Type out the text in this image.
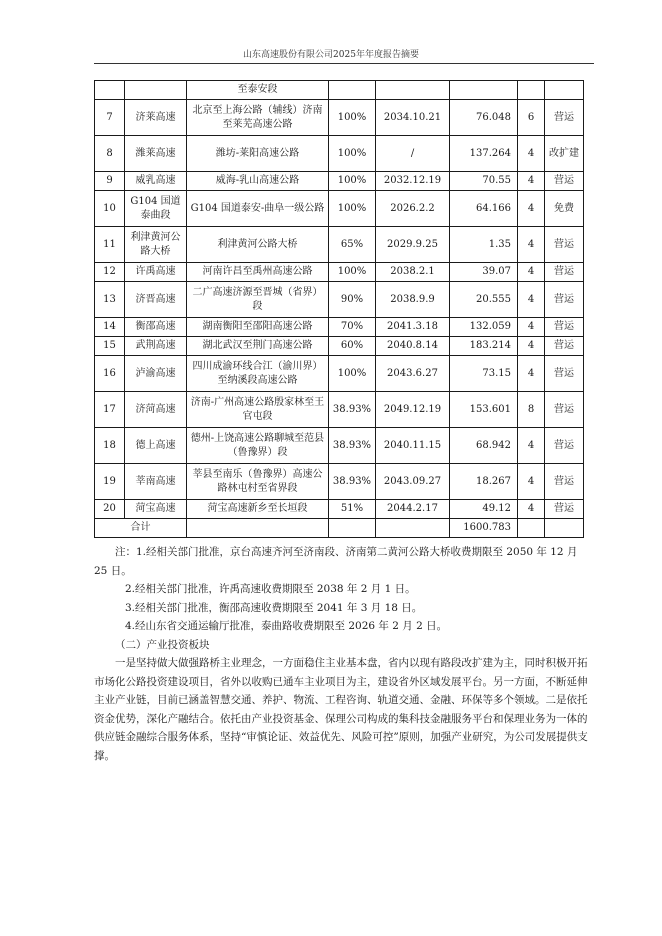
山东高速股份有限公司2025年年度报告摘要
		至泰安段					
7	济莱高速	北京至上海公路（辅线）济南至莱芜高速公路	100%	2034.10.21	76.048	6	营运
8	潍莱高速	潍坊-莱阳高速公路	100%	/	137.264	4	改扩建
9	威乳高速	威海-乳山高速公路	100%	2032.12.19	70.55	4	营运
10	G104 国道泰曲段	G104 国道泰安-曲阜一级公路	100%	2026.2.2	64.166	4	免费
11	利津黄河公路大桥	利津黄河公路大桥	65%	2029.9.25	1.35	4	营运
12	许禹高速	河南许昌至禹州高速公路	100%	2038.2.1	39.07	4	营运
13	济晋高速	二广高速济源至晋城（省界）段	90%	2038.9.9	20.555	4	营运
14	衡邵高速	湖南衡阳至邵阳高速公路	70%	2041.3.18	132.059	4	营运
15	武荆高速	湖北武汉至荆门高速公路	60%	2040.8.14	183.214	4	营运
16	泸渝高速	四川成渝环线合江（渝川界）至纳溪段高速公路	100%	2043.6.27	73.15	4	营运
17	济菏高速	济南-广州高速公路殷家林至王官屯段	38.93%	2049.12.19	153.601	8	营运
18	德上高速	德州-上饶高速公路聊城至范县（鲁豫界）段	38.93%	2040.11.15	68.942	4	营运
19	莘南高速	莘县至南乐（鲁豫界）高速公路林屯村至省界段	38.93%	2043.09.27	18.267	4	营运
20	菏宝高速	菏宝高速新乡至长垣段	51%	2044.2.17	49.12	4	营运
合计					1600.783		

注：1.经相关部门批准，京台高速齐河至济南段、济南第二黄河公路大桥收费期限至 2050 年 12 月 25 日。

2.经相关部门批准，许禹高速收费期限至 2038 年 2 月 1 日。

3.经相关部门批准，衡邵高速收费期限至 2041 年 3 月 18 日。

4.经山东省交通运输厅批准，泰曲路收费期限至 2026 年 2 月 2 日。

（二）产业投资板块

一是坚持做大做强路桥主业理念，一方面稳住主业基本盘，省内以现有路段改扩建为主，同时积极开拓市场化公路投资建设项目，省外以收购已通车主业项目为主，建设省外区域发展平台。另一方面，不断延伸主业产业链，目前已涵盖智慧交通、养护、物流、工程咨询、轨道交通、金融、环保等多个领域。二是依托资金优势，深化产融结合。依托由产业投资基金、保理公司构成的集科技金融服务平台和保理业务为一体的供应链金融综合服务体系，坚持“审慎论证、效益优先、风险可控”原则，加强产业研究，为公司发展提供支撑。
